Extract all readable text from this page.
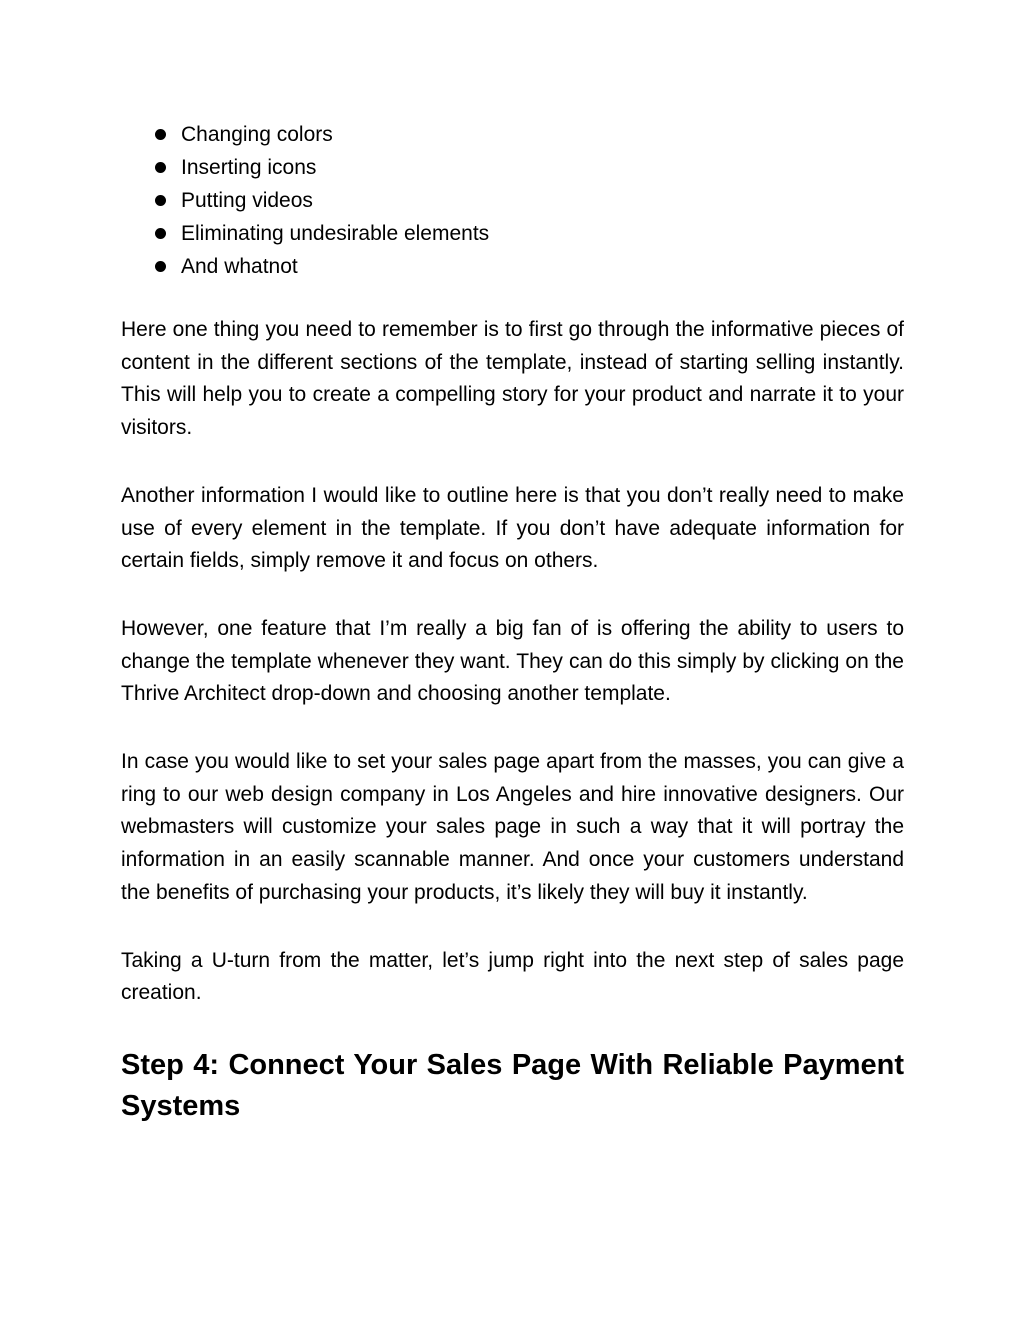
Changing colors
Inserting icons
Putting videos
Eliminating undesirable elements
And whatnot

Here one thing you need to remember is to first go through the informative pieces of content in the different sections of the template, instead of starting selling instantly. This will help you to create a compelling story for your product and narrate it to your visitors.

Another information I would like to outline here is that you don’t really need to make use of every element in the template. If you don’t have adequate information for certain fields, simply remove it and focus on others.

However, one feature that I’m really a big fan of is offering the ability to users to change the template whenever they want. They can do this simply by clicking on the Thrive Architect drop-down and choosing another template.

In case you would like to set your sales page apart from the masses, you can give a ring to our web design company in Los Angeles and hire innovative designers. Our webmasters will customize your sales page in such a way that it will portray the information in an easily scannable manner. And once your customers understand the benefits of purchasing your products, it’s likely they will buy it instantly.

Taking a U-turn from the matter, let’s jump right into the next step of sales page creation.

Step 4: Connect Your Sales Page With Reliable Payment Systems
